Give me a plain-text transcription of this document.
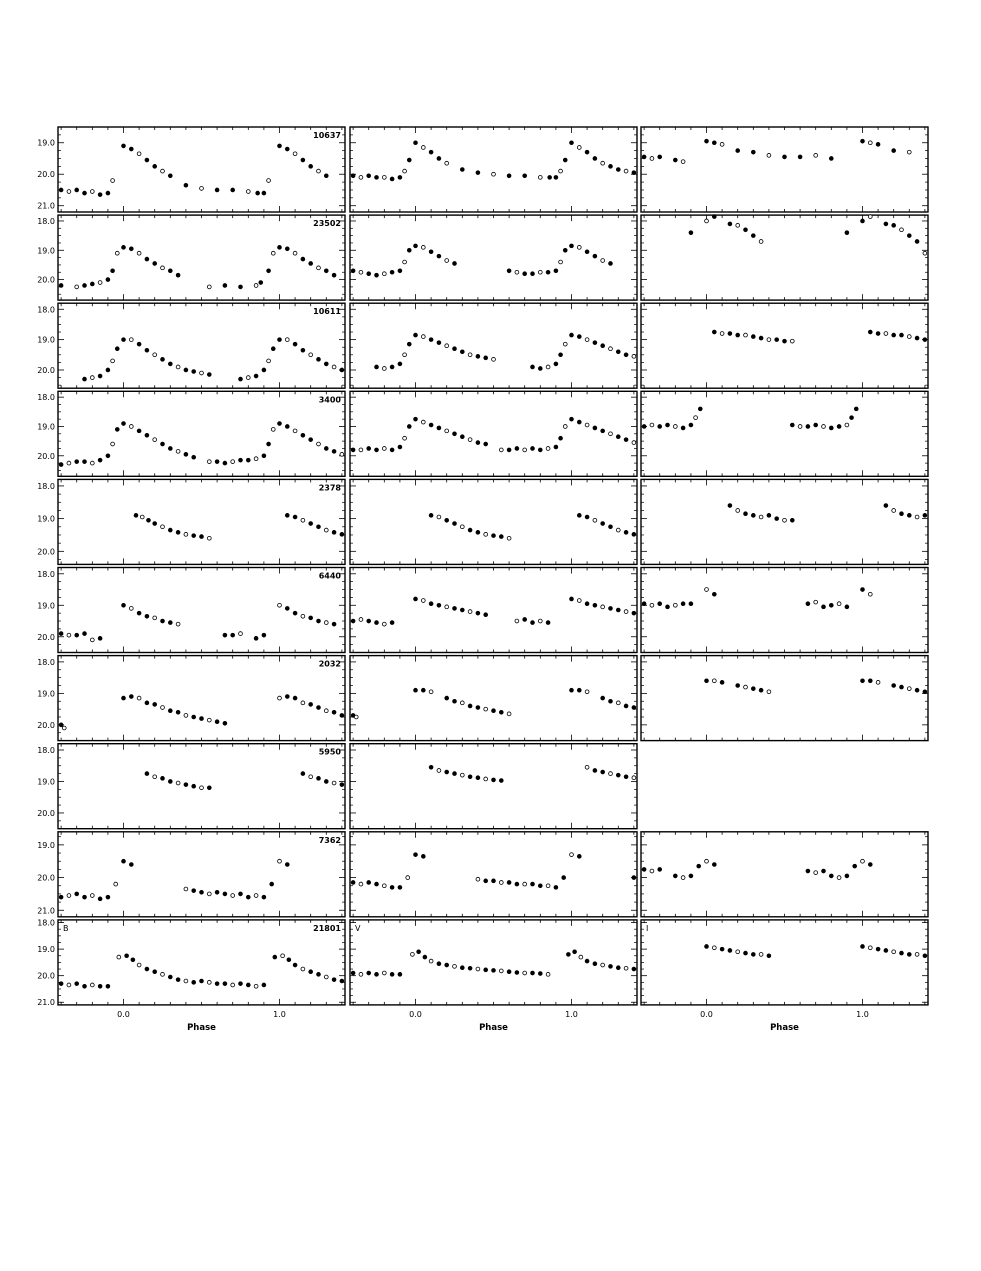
19.0
20.0
21.0
10637
18.0
19.0
20.0
23502
18.0
19.0
20.0
10611
18.0
19.0
20.0
3400
18.0
19.0
20.0
2378
18.0
19.0
20.0
6440
18.0
19.0
20.0
2032
18.0
19.0
20.0
5950
19.0
20.0
21.0
7362
18.0
19.0
20.0
21.0
21801
B	V	I
0.0	1.0
Phase
0.0	1.0
Phase
0.0	1.0
Phase
